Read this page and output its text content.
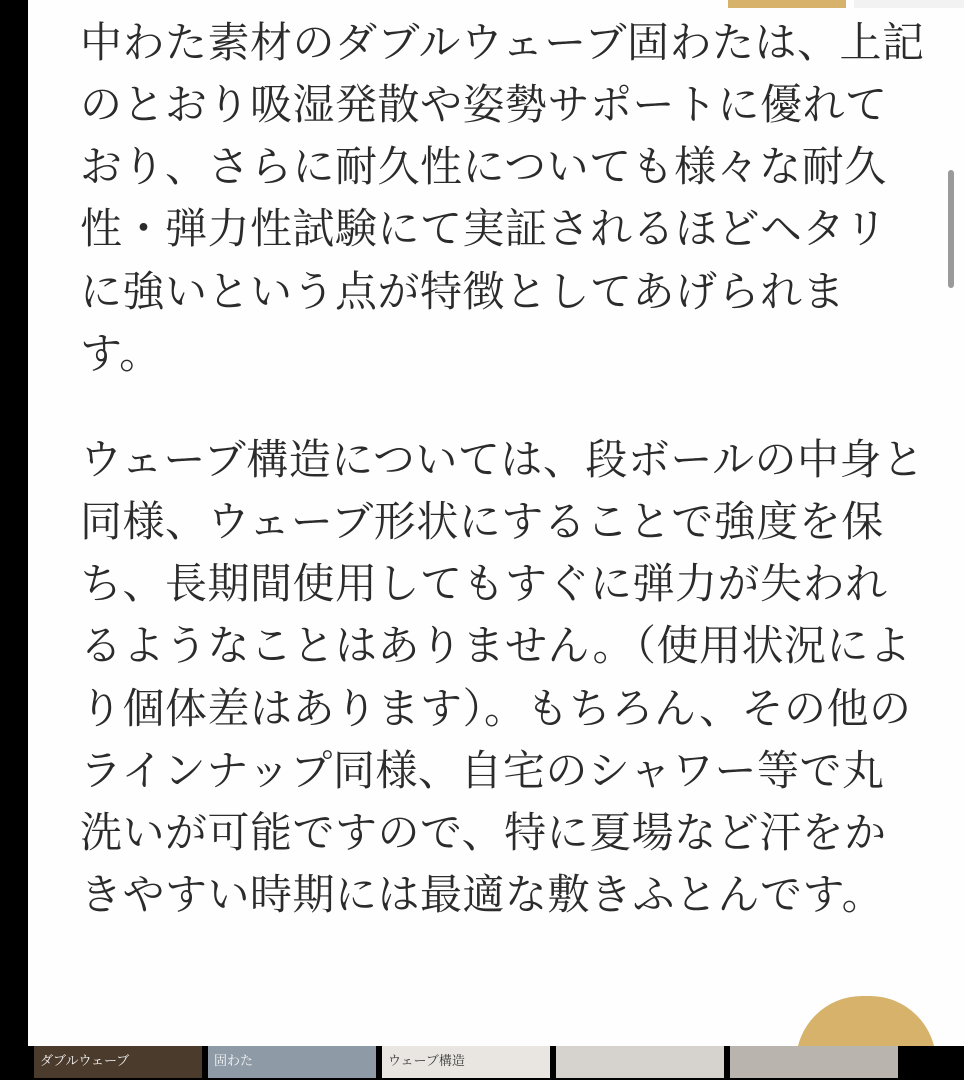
中わた素材のダブルウェーブ固わたは、上記のとおり吸湿発散や姿勢サポートに優れており、さらに耐久性についても様々な耐久性・弾力性試験にて実証されるほどヘタリに強いという点が特徴としてあげられます。

ウェーブ構造については、段ボールの中身と同様、ウェーブ形状にすることで強度を保ち、長期間使用してもすぐに弾力が失われるようなことはありません。（使用状況により個体差はあります）。もちろん、その他のラインナップ同様、自宅のシャワー等で丸洗いが可能ですので、特に夏場など汗をかきやすい時期には最適な敷きふとんです。

ダブルウェーブ	固わた	ウェーブ構造
